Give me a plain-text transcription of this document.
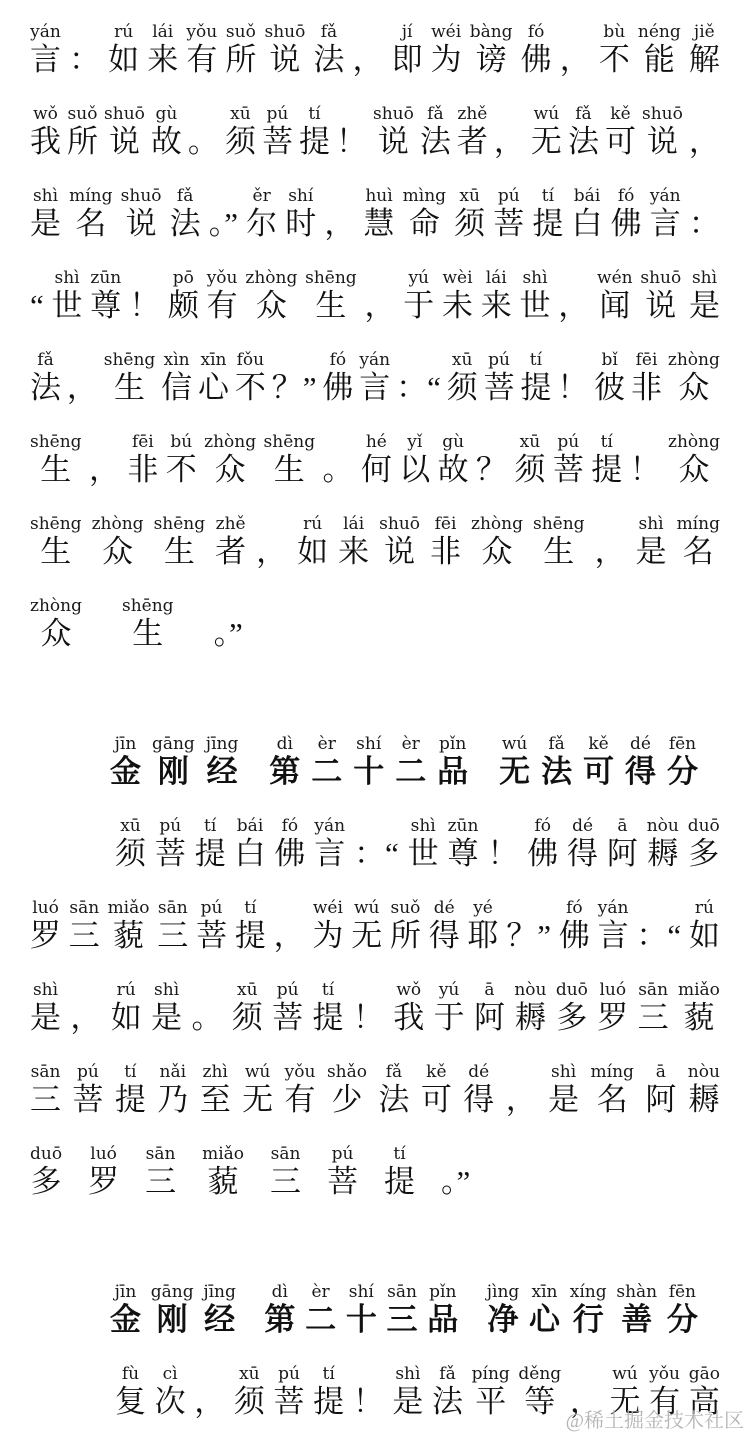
yán
言 ：
rú
如
lái
来
yǒu
有
suǒ
所
shuō
说
fǎ
法 ，
jí
即
wéi
为
bàng
谤
fó
佛 ，
bù
不
néng
能
jiě
解
wǒ
我
suǒ
所
shuō
说
gù
故 。
xū
须
pú
菩
tí
提 ！
shuō
说
fǎ
法
zhě
者 ，
wú
无
fǎ
法
kě
可
shuō
说 ，
shì
是
míng
名
shuō
说
fǎ
法 。”
ěr
尔
shí
时 ，
huì
慧
mìng
命
xū
须
pú
菩
tí
提
bái
白
fó
佛
yán
言 ：
“
shì
世
zūn
尊 ！
pō
颇
yǒu
有
zhòng
众
shēng
生 ，
yú
于
wèi
未
lái
来
shì
世 ，
wén
闻
shuō
说
shì
是
fǎ
法 ，
shēng
生
xìn
信
xīn
心
fǒu
不 ？”
fó
佛
yán
言 ：“
xū
须
pú
菩
tí
提 ！
bǐ
彼
fēi
非
zhòng
众
shēng
生 ，
fēi
非
bú
不
zhòng
众
shēng
生 。
hé
何
yǐ
以
gù
故 ？
xū
须
pú
菩
tí
提 ！
zhòng
众
shēng
生
zhòng
众
shēng
生
zhě
者 ，
rú
如
lái
来
shuō
说
fēi
非
zhòng
众
shēng
生 ，
shì
是
míng
名
zhòng
众
shēng
生 。”
jīn
金
gāng
刚
jīng
经
dì
第
èr
二
shí
十
èr
二
pǐn
品
wú
无
fǎ
法
kě
可
dé
得
fēn
分
xū
须
pú
菩
tí
提
bái
白
fó
佛
yán
言 ：“
shì
世
zūn
尊 ！
fó
佛
dé
得
ā
阿
nòu
耨
duō
多
luó
罗
sān
三
miǎo
藐
sān
三
pú
菩
tí
提 ，
wéi
为
wú
无
suǒ
所
dé
得
yé
耶 ？”
fó
佛
yán
言 ：“
rú
如
shì
是 ，
rú
如
shì
是 。
xū
须
pú
菩
tí
提 ！
wǒ
我
yú
于
ā
阿
nòu
耨
duō
多
luó
罗
sān
三
miǎo
藐
sān
三
pú
菩
tí
提
nǎi
乃
zhì
至
wú
无
yǒu
有
shǎo
少
fǎ
法
kě
可
dé
得 ，
shì
是
míng
名
ā
阿
nòu
耨
duō
多
luó
罗
sān
三
miǎo
藐
sān
三
pú
菩
tí
提 。”
jīn
金
gāng
刚
jīng
经
dì
第
èr
二
shí
十
sān
三
pǐn
品
jìng
净
xīn
心
xíng
行
shàn
善
fēn
分
fù
复
cì
次 ，
xū
须
pú
菩
tí
提 ！
shì
是
fǎ
法
píng
平
děng
等 ，
wú
无
yǒu
有
gāo
高
@稀土掘金技术社区
